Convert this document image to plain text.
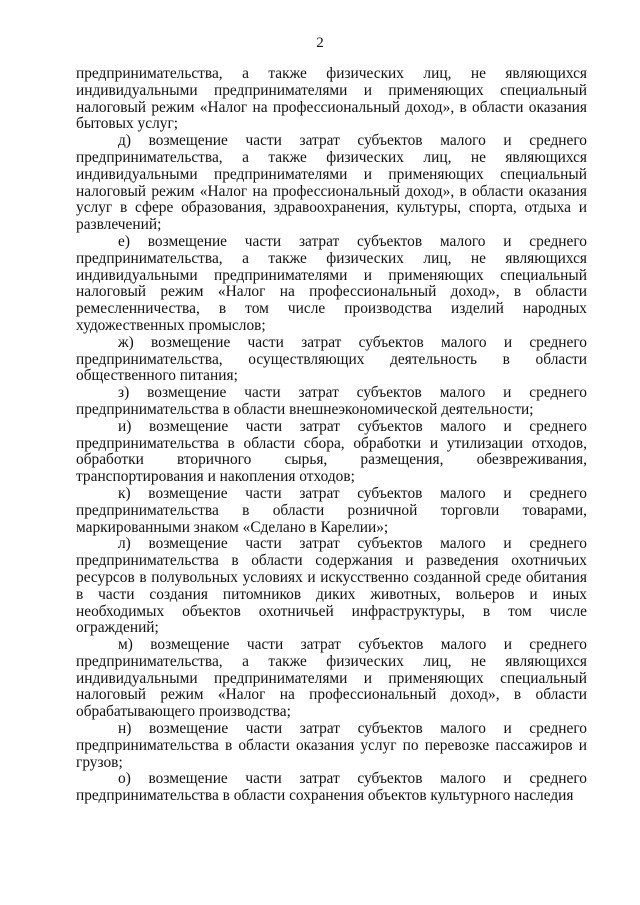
2

предпринимательства, а также физических лиц, не являющихся индивидуальными предпринимателями и применяющих специальный налоговый режим «Налог на профессиональный доход», в области оказания бытовых услуг;

д) возмещение части затрат субъектов малого и среднего предпринимательства, а также физических лиц, не являющихся индивидуальными предпринимателями и применяющих специальный налоговый режим «Налог на профессиональный доход», в области оказания услуг в сфере образования, здравоохранения, культуры, спорта, отдыха и развлечений;

е) возмещение части затрат субъектов малого и среднего предпринимательства, а также физических лиц, не являющихся индивидуальными предпринимателями и применяющих специальный налоговый режим «Налог на профессиональный доход», в области ремесленничества, в том числе производства изделий народных художественных промыслов;

ж) возмещение части затрат субъектов малого и среднего предпринимательства, осуществляющих деятельность в области общественного питания;

з) возмещение части затрат субъектов малого и среднего предпринимательства в области внешнеэкономической деятельности;

и) возмещение части затрат субъектов малого и среднего предпринимательства в области сбора, обработки и утилизации отходов, обработки вторичного сырья, размещения, обезвреживания, транспортирования и накопления отходов;

к) возмещение части затрат субъектов малого и среднего предпринимательства в области розничной торговли товарами, маркированными знаком «Сделано в Карелии»;

л) возмещение части затрат субъектов малого и среднего предпринимательства в области содержания и разведения охотничьих ресурсов в полувольных условиях и искусственно созданной среде обитания в части создания питомников диких животных, вольеров и иных необходимых объектов охотничьей инфраструктуры, в том числе ограждений;

м) возмещение части затрат субъектов малого и среднего предпринимательства, а также физических лиц, не являющихся индивидуальными предпринимателями и применяющих специальный налоговый режим «Налог на профессиональный доход», в области обрабатывающего производства;

н) возмещение части затрат субъектов малого и среднего предпринимательства в области оказания услуг по перевозке пассажиров и грузов;

о) возмещение части затрат субъектов малого и среднего предпринимательства в области сохранения объектов культурного наследия
